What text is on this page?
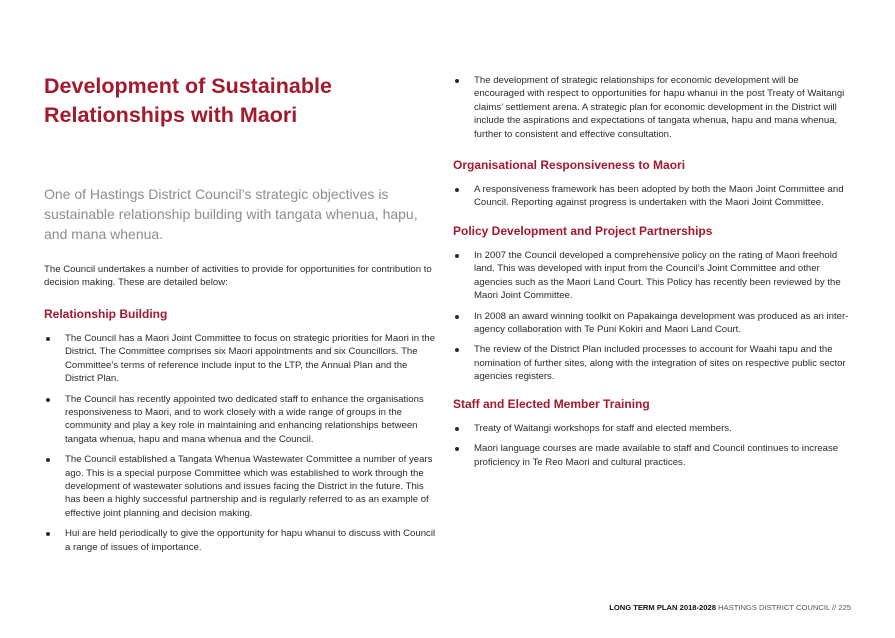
Development of Sustainable Relationships with Maori

One of Hastings District Council’s strategic objectives is sustainable relationship building with tangata whenua, hapu, and mana whenua.

The Council undertakes a number of activities to provide for opportunities for contribution to decision making. These are detailed below:

Relationship Building
The Council has a Maori Joint Committee to focus on strategic priorities for Maori in the District. The Committee comprises six Maori appointments and six Councillors. The Committee’s terms of reference include input to the LTP, the Annual Plan and the District Plan.
The Council has recently appointed two dedicated staff to enhance the organisations responsiveness to Maori, and to work closely with a wide range of groups in the community and play a key role in maintaining and enhancing relationships between tangata whenua, hapu and mana whenua and the Council.
The Council established a Tangata Whenua Wastewater Committee a number of years ago. This is a special purpose Committee which was established to work through the development of wastewater solutions and issues facing the District in the future. This has been a highly successful partnership and is regularly referred to as an example of effective joint planning and decision making.
Hui are held periodically to give the opportunity for hapu whanui to discuss with Council a range of issues of importance.
The development of strategic relationships for economic development will be encouraged with respect to opportunities for hapu whanui in the post Treaty of Waitangi claims’ settlement arena. A strategic plan for economic development in the District will include the aspirations and expectations of tangata whenua, hapu and mana whenua, further to consistent and effective consultation.
Organisational Responsiveness to Maori
A responsiveness framework has been adopted by both the Maori Joint Committee and Council. Reporting against progress is undertaken with the Maori Joint Committee.
Policy Development and Project Partnerships
In 2007 the Council developed a comprehensive policy on the rating of Maori freehold land. This was developed with input from the Council’s Joint Committee and other agencies such as the Maori Land Court. This Policy has recently been reviewed by the Maori Joint Committee.
In 2008 an award winning toolkit on Papakainga development was produced as an inter-agency collaboration with Te Puni Kokiri and Maori Land Court.
The review of the District Plan included processes to account for Waahi tapu and the nomination of further sites, along with the integration of sites on respective public sector agencies registers.
Staff and Elected Member Training
Treaty of Waitangi workshops for staff and elected members.
Maori language courses are made available to staff and Council continues to increase proficiency in Te Reo Maori and cultural practices.
LONG TERM PLAN 2018-2028 HASTINGS DISTRICT COUNCIL // 225
